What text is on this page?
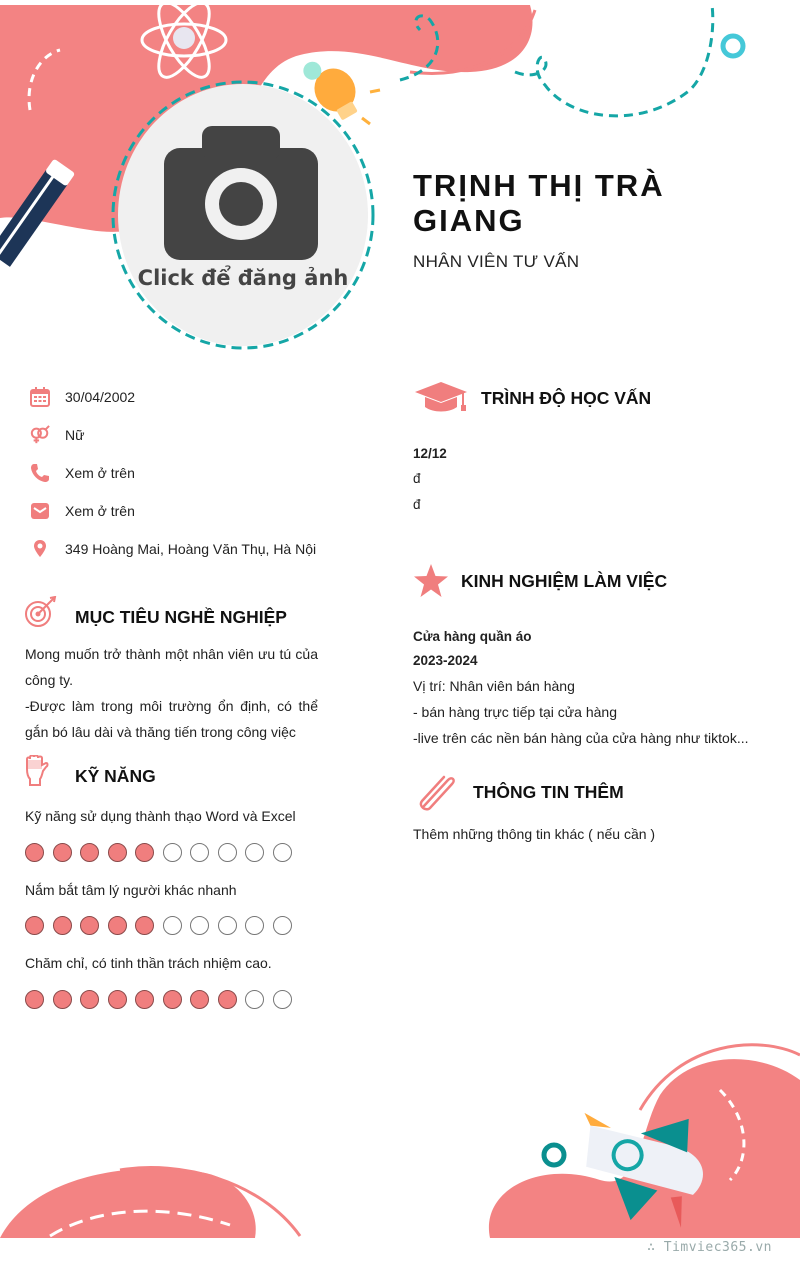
Click để đăng ảnh
TRỊNH THỊ TRÀ GIANG
NHÂN VIÊN TƯ VẤN
30/04/2002
Nữ
Xem ở trên
Xem ở trên
349 Hoàng Mai, Hoàng Văn Thụ, Hà Nội
MỤC TIÊU NGHỀ NGHIỆP
Mong muốn trở thành một nhân viên ưu tú của công ty.
-Được làm trong môi trường ổn định, có thể gắn bó lâu dài và thăng tiến trong công việc
KỸ NĂNG
Kỹ năng sử dụng thành thạo Word và Excel
Nắm bắt tâm lý người khác nhanh
Chăm chỉ, có tinh thần trách nhiệm cao.
TRÌNH ĐỘ HỌC VẤN
12/12
đ
đ
KINH NGHIỆM LÀM VIỆC
Cửa hàng quần áo
2023-2024
Vị trí: Nhân viên bán hàng
- bán hàng trực tiếp tại cửa hàng
-live trên các nền bán hàng của cửa hàng như tiktok...
THÔNG TIN THÊM
Thêm những thông tin khác ( nếu cần )
∴ Timviec365.vn
